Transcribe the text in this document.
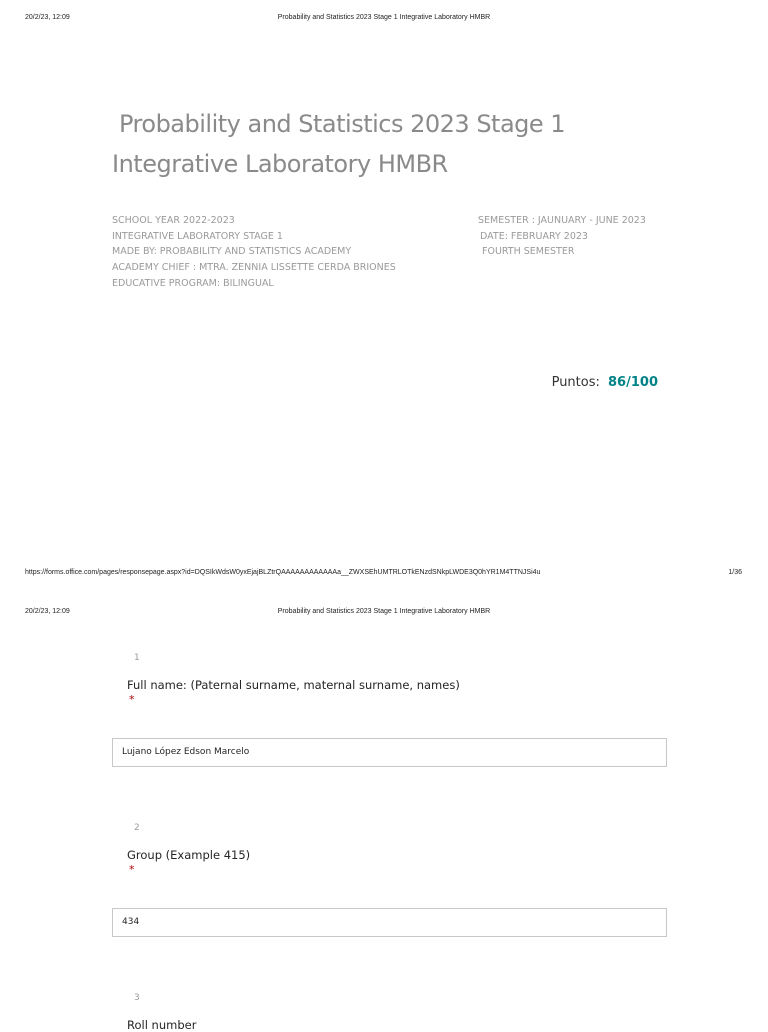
20/2/23, 12:09	Probability and Statistics 2023 Stage 1 Integrative Laboratory HMBR
Probability and Statistics 2023 Stage 1
Integrative Laboratory HMBR
SCHOOL YEAR 2022-2023
INTEGRATIVE LABORATORY STAGE 1
MADE BY: PROBABILITY AND STATISTICS ACADEMY
ACADEMY CHIEF : MTRA. ZENNIA LISSETTE CERDA BRIONES
EDUCATIVE PROGRAM: BILINGUAL
SEMESTER : JAUNUARY - JUNE 2023
DATE: FEBRUARY 2023
FOURTH SEMESTER
Puntos: 86/100
https://forms.office.com/pages/responsepage.aspx?id=DQSIkWdsW0yxEjajBLZtrQAAAAAAAAAAAAa__ZWXSEhUMTRLOTkENzdSNkpLWDE3Q0hYR1M4TTNJSi4u	1/36
20/2/23, 12:09	Probability and Statistics 2023 Stage 1 Integrative Laboratory HMBR
1
Full name: (Paternal surname, maternal surname, names)
*
Lujano López Edson Marcelo
2
Group (Example 415)
*
434
3
Roll number
